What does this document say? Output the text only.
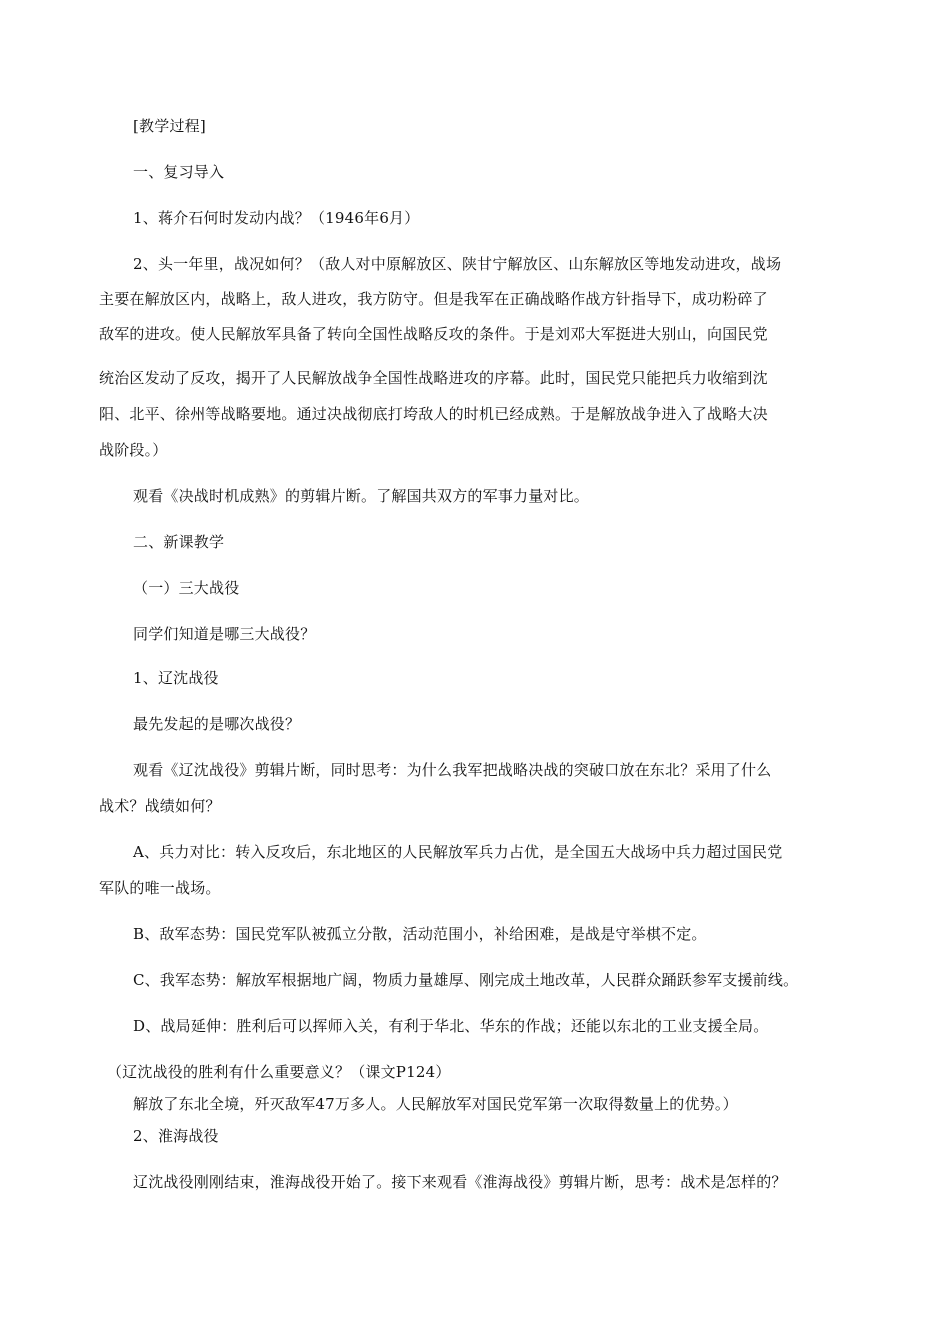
[教学过程]
一、复习导入
1、蒋介石何时发动内战？（1946年6月）
2、头一年里，战况如何？（敌人对中原解放区、陕甘宁解放区、山东解放区等地发动进攻，战场
主要在解放区内，战略上，敌人进攻，我方防守。但是我军在正确战略作战方针指导下，成功粉碎了
敌军的进攻。使人民解放军具备了转向全国性战略反攻的条件。于是刘邓大军挺进大别山，向国民党
统治区发动了反攻，揭开了人民解放战争全国性战略进攻的序幕。此时，国民党只能把兵力收缩到沈
阳、北平、徐州等战略要地。通过决战彻底打垮敌人的时机已经成熟。于是解放战争进入了战略大决
战阶段。）
观看《决战时机成熟》的剪辑片断。了解国共双方的军事力量对比。
二、新课教学
（一）三大战役
同学们知道是哪三大战役？
1、辽沈战役
最先发起的是哪次战役？
观看《辽沈战役》剪辑片断，同时思考：为什么我军把战略决战的突破口放在东北？采用了什么
战术？战绩如何？
A、兵力对比：转入反攻后，东北地区的人民解放军兵力占优，是全国五大战场中兵力超过国民党
军队的唯一战场。
B、敌军态势：国民党军队被孤立分散，活动范围小，补给困难，是战是守举棋不定。
C、我军态势：解放军根据地广阔，物质力量雄厚、刚完成土地改革，人民群众踊跃参军支援前线。
D、战局延伸：胜利后可以挥师入关，有利于华北、华东的作战；还能以东北的工业支援全局。
（辽沈战役的胜利有什么重要意义？（课文P124）
解放了东北全境，歼灭敌军47万多人。人民解放军对国民党军第一次取得数量上的优势。）
2、淮海战役
辽沈战役刚刚结束，淮海战役开始了。接下来观看《淮海战役》剪辑片断，思考：战术是怎样的？
